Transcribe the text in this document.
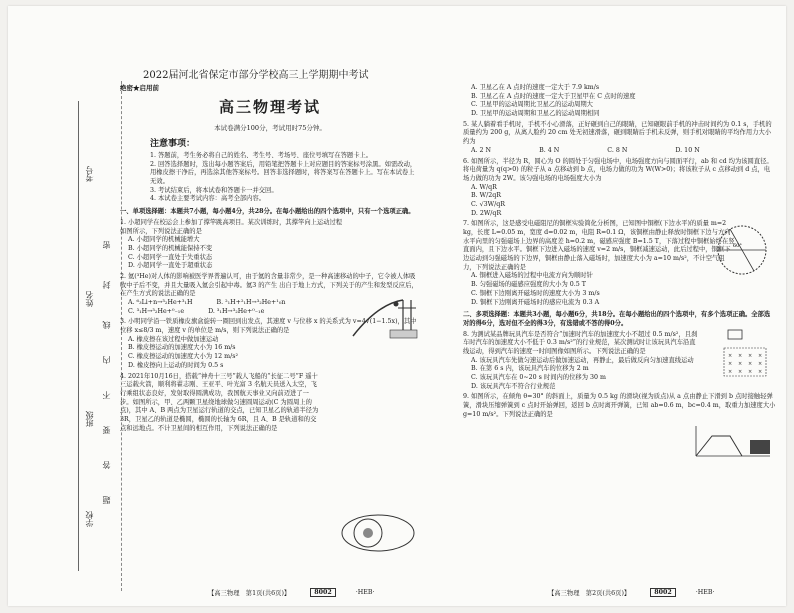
2022届河北省保定市部分学校高三上学期期中考试
考号
姓名
班级
学校
密
封
线
内
不
要
答
题
绝密★启用前
高三物理考试
本试卷满分100分，考试用时75分钟。
注意事项：
1. 答题前，考生务必将自己的姓名、考生号、考场号、座位号填写在答题卡上。
2. 回答选择题时，选出每小题答案后，用铅笔把答题卡上对应题目的答案标号涂黑。如需改动，用橡皮擦干净后，再选涂其他答案标号。回答非选择题时，将答案写在答题卡上。写在本试卷上无效。
3. 考试结束后，将本试卷和答题卡一并交回。
4. 本试卷主要考试内容：高考全部内容。
一、单项选择题：本题共7小题，每小题4分，共28分。在每小题给出的四个选项中，只有一个选项正确。
1. 小超同学在校运会上参加了撑竿跳高项目。某次训练时，其撑竿向上运动过程如图所示，下列说法正确的是
A. 小超同学的机械能增大
B. 小超同学的机械能保持不变
C. 小超同学一直处于失重状态
D. 小超同学一直处于超重状态
2. 氦(³He)对人体的影响被医学界普遍认可，由于氦的含量非常少，是一种高速移动的中子，它令被人体吸收中子后不变，并且大量吸入氦会引起中毒。氦3 的产生 出自于地上方式，下列关于的产生和发型反应后，在产生方式的说法正确的是
A. ⁶₃Li+n→³₂He+³₁H	B. ²₁H+²₁H→³₂He+¹₀n
C. ³₁H→³₂He+⁰₋₁e	D. ³₁H→³₂He+⁰₋₁e
3. 小明同学沿一铁质橡皮旗盒旋转一圈回到出发点，其速度 v 与位移 x 的关系式为 v=4√(1−1.5x)，其中位移 x≤8/3 m，速度 v 的单位是 m/s，则下列说法正确的是
A. 橡皮擦在该过程中做加速运动
B. 橡皮擦运动的加速度大小为 16 m/s
C. 橡皮擦运动的加速度大小为 12 m/s²
D. 橡皮擦向上运动的时间为 0.5 s
4. 2021年10月16日，搭载“神舟十三号”载人飞船的“长征二号”F 遥十三运载火箭，顺利将翟志刚、王亚平、叶光富 3 名航天员送入太空，飞行乘组状态良好，发射取得圆满成功，我国航天事业又向前迈进了一步。如图所示，甲、乙两颗卫星绕地球做匀速圆周运动(C 为圆周上的点)，其中 A、B 两点为卫星运行轨道的交点，已知卫星乙的轨道半径为 3R，卫星乙的轨道是椭圆，椭圆的长轴为 6R，且 A、B 是轨道和的交点和远地点。不计卫星间的相互作用，下列说法正确的是
A. 卫星乙在 A 点时的速度一定大于 7.9 km/s
B. 卫星乙在 A 点时的速度一定大于卫星甲在 C 点时的速度
C. 卫星甲的运动周期比卫星乙的运动周期大
D. 卫星甲的运动周期和卫星乙的运动周期相同
5. 某人躺着看手机时，手机不小心滑落，正好砸到自己的眼睛，已知砸眼前手机的冲击时间约为 0.1 s，手机的质量约为 200 g，从离人脸约 20 cm 处无初速滑落，砸到眼睛后手机未反弹，则手机对眼睛的平均作用力大小约为
A. 2 N	B. 4 N	C. 8 N	D. 10 N
6. 如图所示，半径为 R，圆心为 O 的圆处于匀强电场中，电场强度方向与圆面平行，ab 和 cd 均为该圆直径。将电荷量为 q(q>0) 的粒子从 a 点移动到 b 点，电场力做的功为 W(W>0)；将该粒子从 c 点移动到 d 点，电场力做的功为 2W。该匀强电场的电场强度大小为
A. W/qR
B. W/2qR
C. √3W/qR
D. 2W/qR
7. 如图所示，这是感受电磁阻尼的铜框实验简化分析图，已知图中铜框(下边水平)的质量 m=2 kg，长度 L=0.05 m，宽度 d=0.02 m，电阻 R=0.1 Ω，该铜框由静止释放时铜框下边与方向水平向里的匀强磁场上边界的高度差 h=0.2 m，磁感应强度 B=1.5 T，下落过程中铜框始终在竖直面内，且下边水平。铜框下边进入磁场的速度 v=2 m/s，铜框减速运动，此后过程中，铜框下边运动到匀强磁场的下边界，铜框由静止落入磁场时，加速度大小为 a=10 m/s²，不计空气阻力，下列说法正确的是
A. 铜框进入磁场的过程中电流方向为顺时针
B. 匀强磁场的磁感应强度的大小为 0.5 T
C. 铜框下边刚离开磁场时的速度大小为 3 m/s
D. 铜框下边刚离开磁场时的感应电流为 0.3 A
二、多项选择题：本题共3小题，每小题6分，共18分。在每小题给出的四个选项中，有多个选项正确。全部选对的得6分，选对但不全的得3分，有选错或不答的得0分。
8. 为测试某品牌玩具汽车是否符合“加速时汽车的加速度大小不超过 0.5 m/s²，且刹车时汽车的加速度大小不低于 0.3 m/s²”的行业规范，某次测试时让该玩具汽车沿直线运动，得到汽车的速度一时间图像如图所示。下列说法正确的是
A. 该玩具汽车先做匀速运动后做加速运动，再静止，最后做反向匀加速直线运动
B. 在第 6 s 内，该玩具汽车的位移为 2 m
C. 该玩具汽车在 0~20 s 时间内的位移为 30 m
D. 该玩具汽车不符合行业规范
9. 如图所示，在倾角 θ=30° 的斜面上，质量为 0.5 kg 的滑块(视为质点)从 a 点由静止下滑到 b 点时接触轻弹簧，滑块压缩弹簧到 c 点时开始弹回，返回 b 点时离开弹簧，已知 ab=0.6 m，bc=0.4 m，取重力加速度大小 g=10 m/s²。下列说法正确的是
60°
× × × ×
× × × ×
× × × ×
【高三物理　第1页(共6页)】	8002	·HEB·	【高三物理　第2页(共6页)】	8002	·HEB·
